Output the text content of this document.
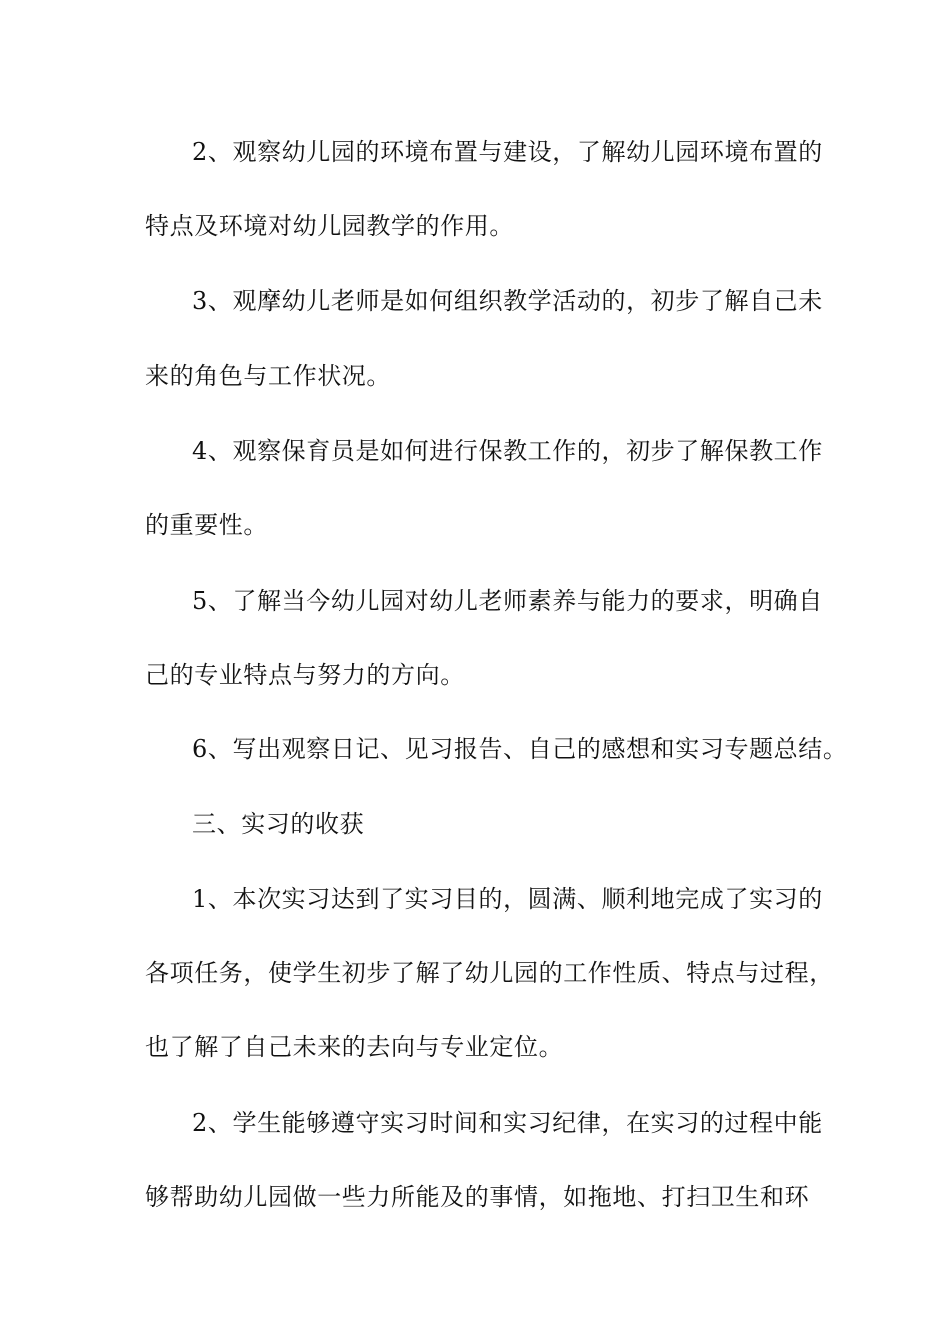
2、观察幼儿园的环境布置与建设，了解幼儿园环境布置的
特点及环境对幼儿园教学的作用。
3、观摩幼儿老师是如何组织教学活动的，初步了解自己未
来的角色与工作状况。
4、观察保育员是如何进行保教工作的，初步了解保教工作
的重要性。
5、了解当今幼儿园对幼儿老师素养与能力的要求，明确自
己的专业特点与努力的方向。
6、写出观察日记、见习报告、自己的感想和实习专题总结。
三、实习的收获
1、本次实习达到了实习目的，圆满、顺利地完成了实习的
各项任务，使学生初步了解了幼儿园的工作性质、特点与过程，
也了解了自己未来的去向与专业定位。
2、学生能够遵守实习时间和实习纪律，在实习的过程中能
够帮助幼儿园做一些力所能及的事情，如拖地、打扫卫生和环
